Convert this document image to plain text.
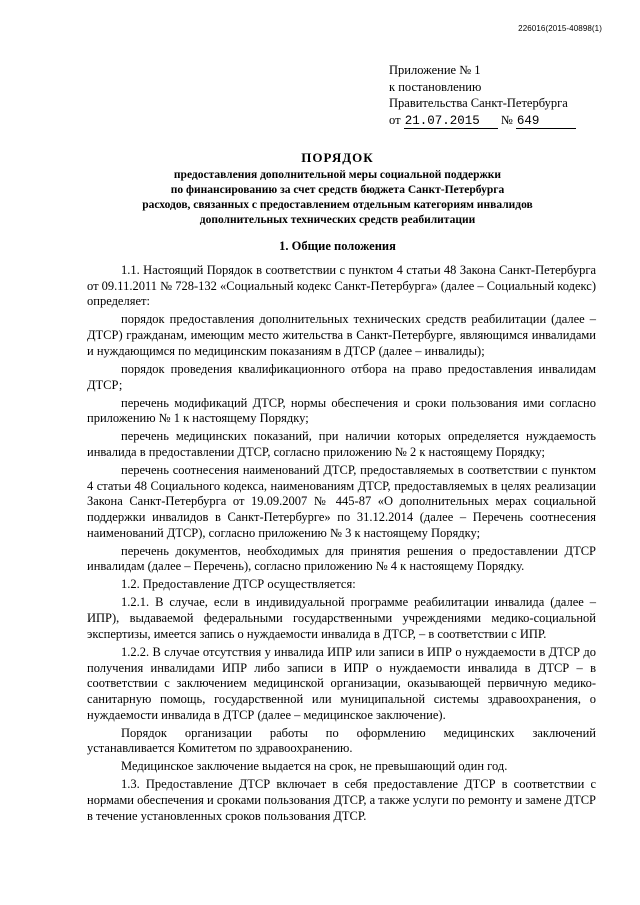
226016(2015-40898(1)
Приложение № 1
к постановлению
Правительства Санкт-Петербурга
от 21.07.2015 № 649
ПОРЯДОК
предоставления дополнительной меры социальной поддержки
по финансированию за счет средств бюджета Санкт-Петербурга
расходов, связанных с предоставлением отдельным категориям инвалидов
дополнительных технических средств реабилитации
1. Общие положения

1.1. Настоящий Порядок в соответствии с пунктом 4 статьи 48 Закона Санкт-Петербурга от 09.11.2011 № 728-132 «Социальный кодекс Санкт-Петербурга» (далее – Социальный кодекс) определяет:

порядок предоставления дополнительных технических средств реабилитации (далее – ДТСР) гражданам, имеющим место жительства в Санкт-Петербурге, являющимся инвалидами и нуждающимся по медицинским показаниям в ДТСР (далее – инвалиды);

порядок проведения квалификационного отбора на право предоставления инвалидам ДТСР;

перечень модификаций ДТСР, нормы обеспечения и сроки пользования ими согласно приложению № 1 к настоящему Порядку;

перечень медицинских показаний, при наличии которых определяется нуждаемость инвалида в предоставлении ДТСР, согласно приложению № 2 к настоящему Порядку;

перечень соотнесения наименований ДТСР, предоставляемых в соответствии с пунктом 4 статьи 48 Социального кодекса, наименованиям ДТСР, предоставляемых в целях реализации Закона Санкт-Петербурга от 19.09.2007 № 445-87 «О дополнительных мерах социальной поддержки инвалидов в Санкт-Петербурге» по 31.12.2014 (далее – Перечень соотнесения наименований ДТСР), согласно приложению № 3 к настоящему Порядку;

перечень документов, необходимых для принятия решения о предоставлении ДТСР инвалидам (далее – Перечень), согласно приложению № 4 к настоящему Порядку.

1.2. Предоставление ДТСР осуществляется:

1.2.1. В случае, если в индивидуальной программе реабилитации инвалида (далее – ИПР), выдаваемой федеральными государственными учреждениями медико-социальной экспертизы, имеется запись о нуждаемости инвалида в ДТСР, – в соответствии с ИПР.

1.2.2. В случае отсутствия у инвалида ИПР или записи в ИПР о нуждаемости в ДТСР до получения инвалидами ИПР либо записи в ИПР о нуждаемости инвалида в ДТСР – в соответствии с заключением медицинской организации, оказывающей первичную медико-санитарную помощь, государственной или муниципальной системы здравоохранения, о нуждаемости инвалида в ДТСР (далее – медицинское заключение).

Порядок организации работы по оформлению медицинских заключений устанавливается Комитетом по здравоохранению.

Медицинское заключение выдается на срок, не превышающий один год.

1.3. Предоставление ДТСР включает в себя предоставление ДТСР в соответствии с нормами обеспечения и сроками пользования ДТСР, а также услуги по ремонту и замене ДТСР в течение установленных сроков пользования ДТСР.
